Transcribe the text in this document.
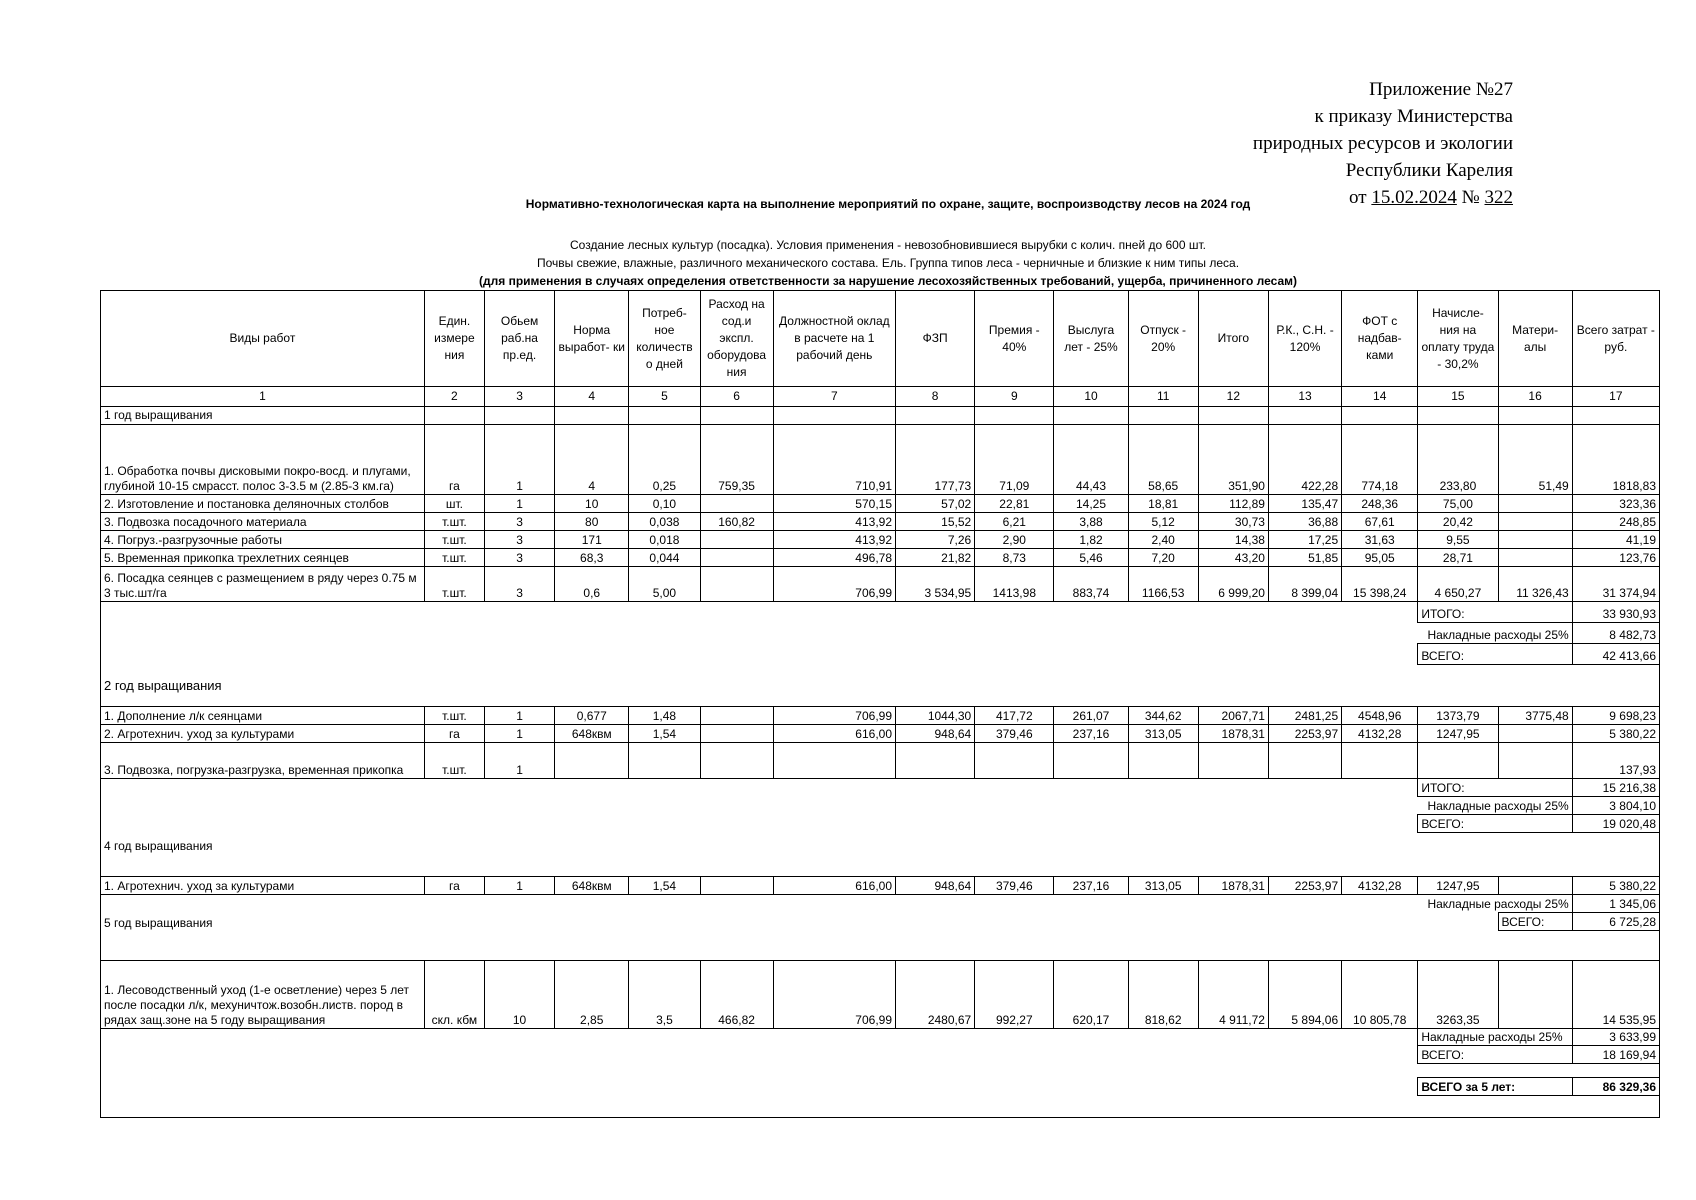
Приложение №27
к приказу Министерства
природных ресурсов и экологии
Республики Карелия
от 15.02.2024 № 322
Нормативно-технологическая карта на выполнение мероприятий по охране, защите, воспроизводству лесов на 2024 год
Создание лесных культур (посадка). Условия применения - невозобновившиеся вырубки с колич. пней до 600 шт.
Почвы свежие, влажные, различного механического состава. Ель. Группа типов леса - черничные и близкие к ним типы леса.
(для применения в случаях определения ответственности за нарушение лесохозяйственных требований, ущерба, причиненного лесам)
Виды работ	Един. измере ния	Обьем раб.на пр.ед.	Норма выработ- ки	Потреб- ное количеств о дней	Расход на сод.и экспл. оборудова ния	Должностной оклад в расчете на 1 рабочий день	ФЗП	Премия - 40%	Выслуга лет - 25%	Отпуск - 20%	Итого	Р.К., С.Н. - 120%	ФОТ с надбав- ками	Начисле- ния на оплату труда - 30,2%	Матери- алы	Всего затрат - руб.
1	2	3	4	5	6	7	8	9	10	11	12	13	14	15	16	17
1 год выращивания																
1. Обработка почвы дисковыми покро-восд. и плугами, глубиной 10-15 смрасст. полос 3-3.5 м (2.85-3 км.га)	га	1	4	0,25	759,35	710,91	177,73	71,09	44,43	58,65	351,90	422,28	774,18	233,80	51,49	1818,83
2. Изготовление и постановка деляночных столбов	шт.	1	10	0,10		570,15	57,02	22,81	14,25	18,81	112,89	135,47	248,36	75,00		323,36
3. Подвозка посадочного материала	т.шт.	3	80	0,038	160,82	413,92	15,52	6,21	3,88	5,12	30,73	36,88	67,61	20,42		248,85
4. Погруз.-разгрузочные работы	т.шт.	3	171	0,018		413,92	7,26	2,90	1,82	2,40	14,38	17,25	31,63	9,55		41,19
5. Временная прикопка трехлетних сеянцев	т.шт.	3	68,3	0,044		496,78	21,82	8,73	5,46	7,20	43,20	51,85	95,05	28,71		123,76
6. Посадка сеянцев с размещением в ряду через 0.75 м 3 тыс.шт/га	т.шт.	3	0,6	5,00		706,99	3 534,95	1413,98	883,74	1166,53	6 999,20	8 399,04	15 398,24	4 650,27	11 326,43	31 374,94
														ИТОГО:		33 930,93
														Накладные расходы 25%		8 482,73
														ВСЕГО:		42 413,66
2 год выращивания																
1. Дополнение л/к сеянцами	т.шт.	1	0,677	1,48		706,99	1044,30	417,72	261,07	344,62	2067,71	2481,25	4548,96	1373,79	3775,48	9 698,23
2. Агротехнич. уход за культурами	га	1	648квм	1,54		616,00	948,64	379,46	237,16	313,05	1878,31	2253,97	4132,28	1247,95		5 380,22
3. Подвозка, погрузка-разгрузка, временная прикопка	т.шт.	1														137,93
														ИТОГО:		15 216,38
														Накладные расходы 25%		3 804,10
														ВСЕГО:		19 020,48
4 год выращивания																
1. Агротехнич. уход за культурами	га	1	648квм	1,54		616,00	948,64	379,46	237,16	313,05	1878,31	2253,97	4132,28	1247,95		5 380,22
														Накладные расходы 25%		1 345,06
5 год выращивания															ВСЕГО:	6 725,28

1. Лесоводственный уход (1-е осветление) через 5 лет после посадки л/к, мехуничтож.возобн.листв. пород в рядах защ.зоне на 5 году выращивания	скл. кбм	10	2,85	3,5	466,82	706,99	2480,67	992,27	620,17	818,62	4 911,72	5 894,06	10 805,78	3263,35		14 535,95
														Накладные расходы 25%		3 633,99
														ВСЕГО:		18 169,94

														ВСЕГО за 5 лет:		86 329,36
